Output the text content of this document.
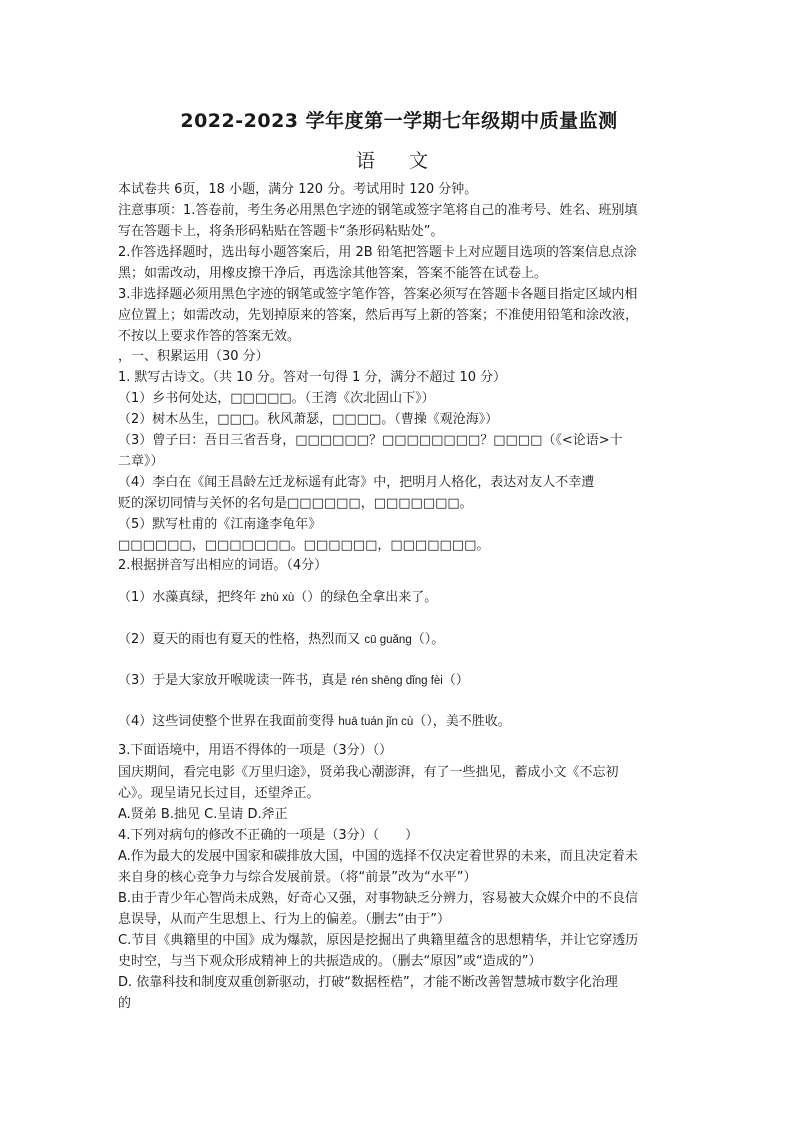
2022-2023 学年度第一学期七年级期中质量监测
语 文
本试卷共 6页，18 小题，满分 120 分。考试用时 120 分钟。
注意事项：1.答卷前，考生务必用黑色字迹的钢笔或签字笔将自己的准考号、姓名、班别填
写在答题卡上，将条形码粘贴在答题卡“条形码粘贴处”。
2.作答选择题时，选出每小题答案后，用 2B 铅笔把答题卡上对应题目选项的答案信息点涂
黑；如需改动，用橡皮擦干净后，再选涂其他答案，答案不能答在试卷上。
3.非选择题必须用黑色字迹的钢笔或签字笔作答，答案必须写在答题卡各题目指定区域内相
应位置上；如需改动，先划掉原来的答案，然后再写上新的答案；不准使用铅笔和涂改液，
不按以上要求作答的答案无效。
，一、积累运用（30 分）
1. 默写古诗文。（共 10 分。答对一句得 1 分，满分不超过 10 分）
（1）乡书何处达，□□□□□。（王湾《次北固山下》）
（2）树木丛生，□□□。秋风萧瑟，□□□□。（曹操《观沧海》）
（3）曾子曰：吾日三省吾身，□□□□□□？□□□□□□□□？□□□□（《<论语>十
二章》）
（4）李白在《闻王昌龄左迁龙标遥有此寄》中，把明月人格化，表达对友人不幸遭
贬的深切同情与关怀的名句是□□□□□□，□□□□□□□。
（5）默写杜甫的《江南逢李龟年》
□□□□□□，□□□□□□□。□□□□□□，□□□□□□□。
2.根据拼音写出相应的词语。（4分）
（1）水藻真绿，把终年 zhù xù（）的绿色全拿出来了。
（2）夏天的雨也有夏天的性格，热烈而又 cū guǎng（）。
（3）于是大家放开喉咙读一阵书，真是 rén shēng dǐng fèi（）
（4）这些词使整个世界在我面前变得 huā tuán jǐn cù（），美不胜收。
3.下面语境中，用语不得体的一项是（3分）（）
国庆期间，看完电影《万里归途》，贤弟我心潮澎湃，有了一些拙见，蓄成小文《不忘初
心》。现呈请兄长过目，还望斧正。
A.贤弟 B.拙见 C.呈请 D.斧正
4.下列对病句的修改不正确的一项是（3分）（　　）
A.作为最大的发展中国家和碳排放大国，中国的选择不仅决定着世界的未来，而且决定着未
来自身的核心竞争力与综合发展前景。（将“前景”改为“水平”）
B.由于青少年心智尚未成熟，好奇心又强，对事物缺乏分辨力，容易被大众媒介中的不良信
息误导，从而产生思想上、行为上的偏差。（删去“由于”）
C.节目《典籍里的中国》成为爆款，原因是挖掘出了典籍里蕴含的思想精华，并让它穿透历
史时空，与当下观众形成精神上的共振造成的。（删去“原因”或“造成的”）
D. 依靠科技和制度双重创新驱动，打破“数据桎梏”，才能不断改善智慧城市数字化治理
的
